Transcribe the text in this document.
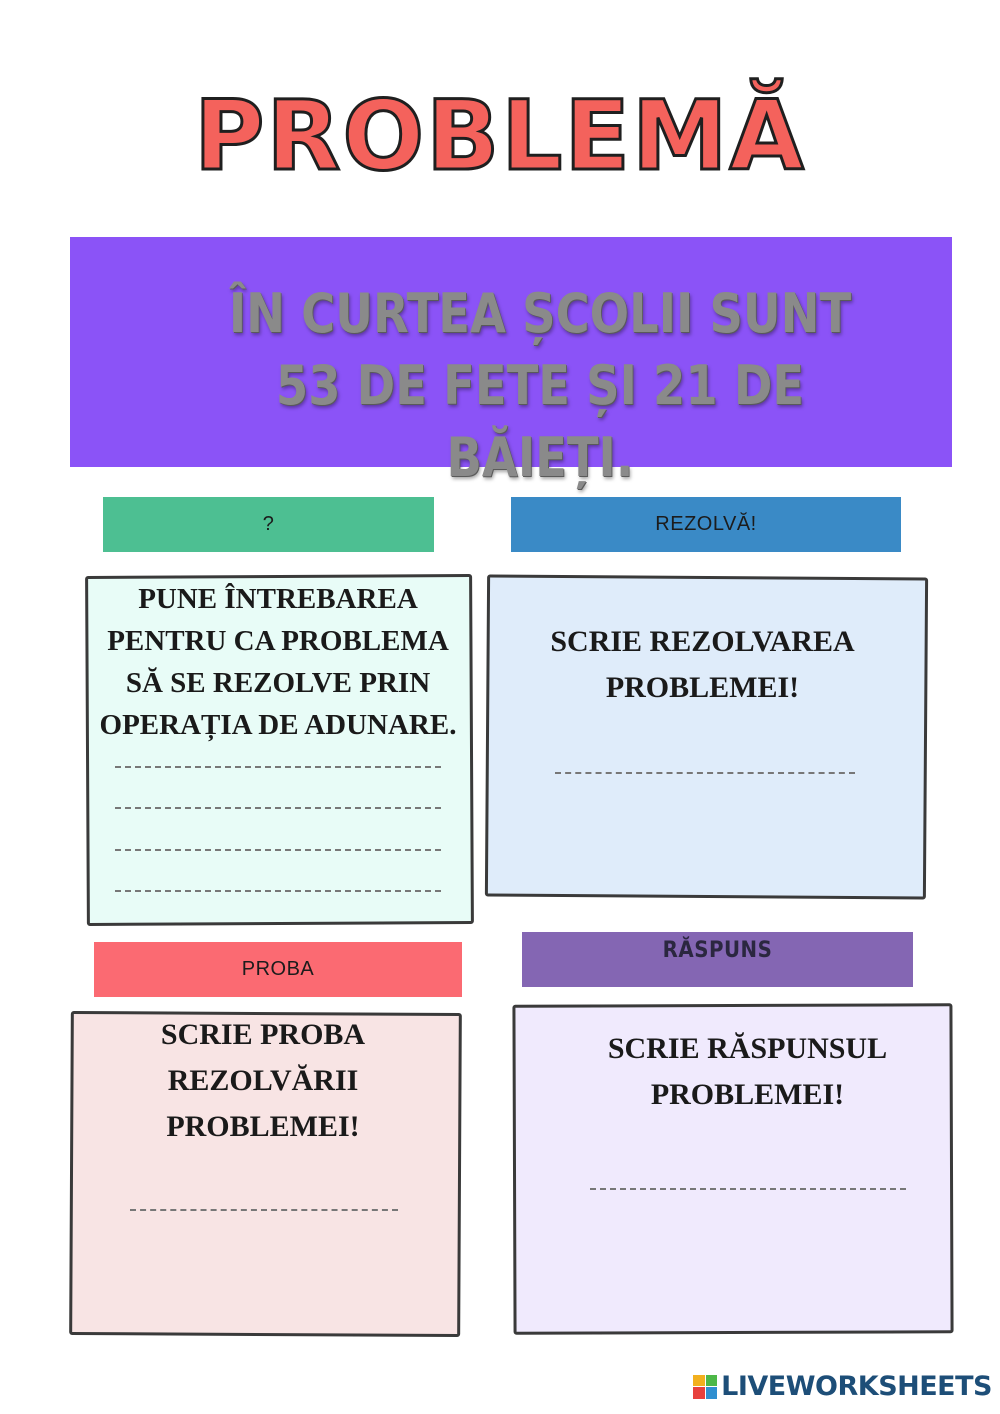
PROBLEMĂ
ÎN CURTEA ȘCOLII SUNT 53 DE FETE ȘI 21 DE BĂIEȚI.
?	REZOLVĂ!
PUNE ÎNTREBAREA PENTRU CA PROBLEMA SĂ SE REZOLVE PRIN OPERAȚIA DE ADUNARE.
SCRIE REZOLVAREA PROBLEMEI!
PROBA
RĂSPUNS
SCRIE PROBA REZOLVĂRII PROBLEMEI!
SCRIE RĂSPUNSUL PROBLEMEI!
LIVEWORKSHEETS
